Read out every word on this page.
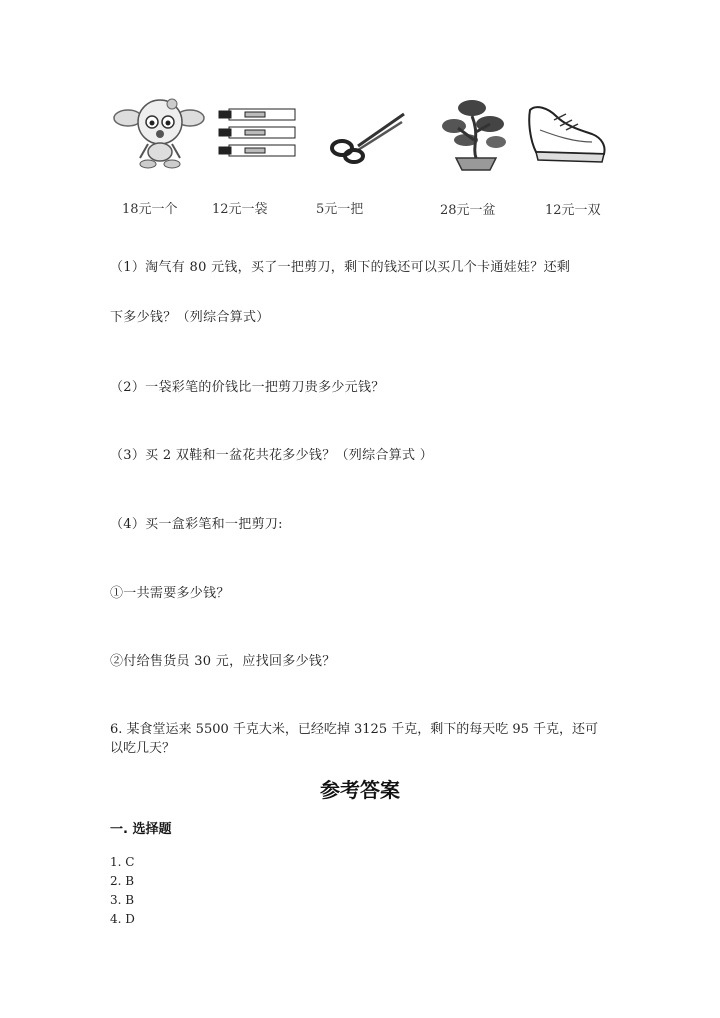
18元一个	12元一袋	5元一把	28元一盆	12元一双
（1）淘气有 80 元钱，买了一把剪刀，剩下的钱还可以买几个卡通娃娃？还剩
下多少钱？（列综合算式）
（2）一袋彩笔的价钱比一把剪刀贵多少元钱？
（3）买 2 双鞋和一盆花共花多少钱？（列综合算式 ）
（4）买一盒彩笔和一把剪刀:
①一共需要多少钱？
②付给售货员 30 元，应找回多少钱？
6. 某食堂运来 5500 千克大米，已经吃掉 3125 千克，剩下的每天吃 95 千克，还可以吃几天？
参考答案
一. 选择题
1. C
2. B
3. B
4. D
